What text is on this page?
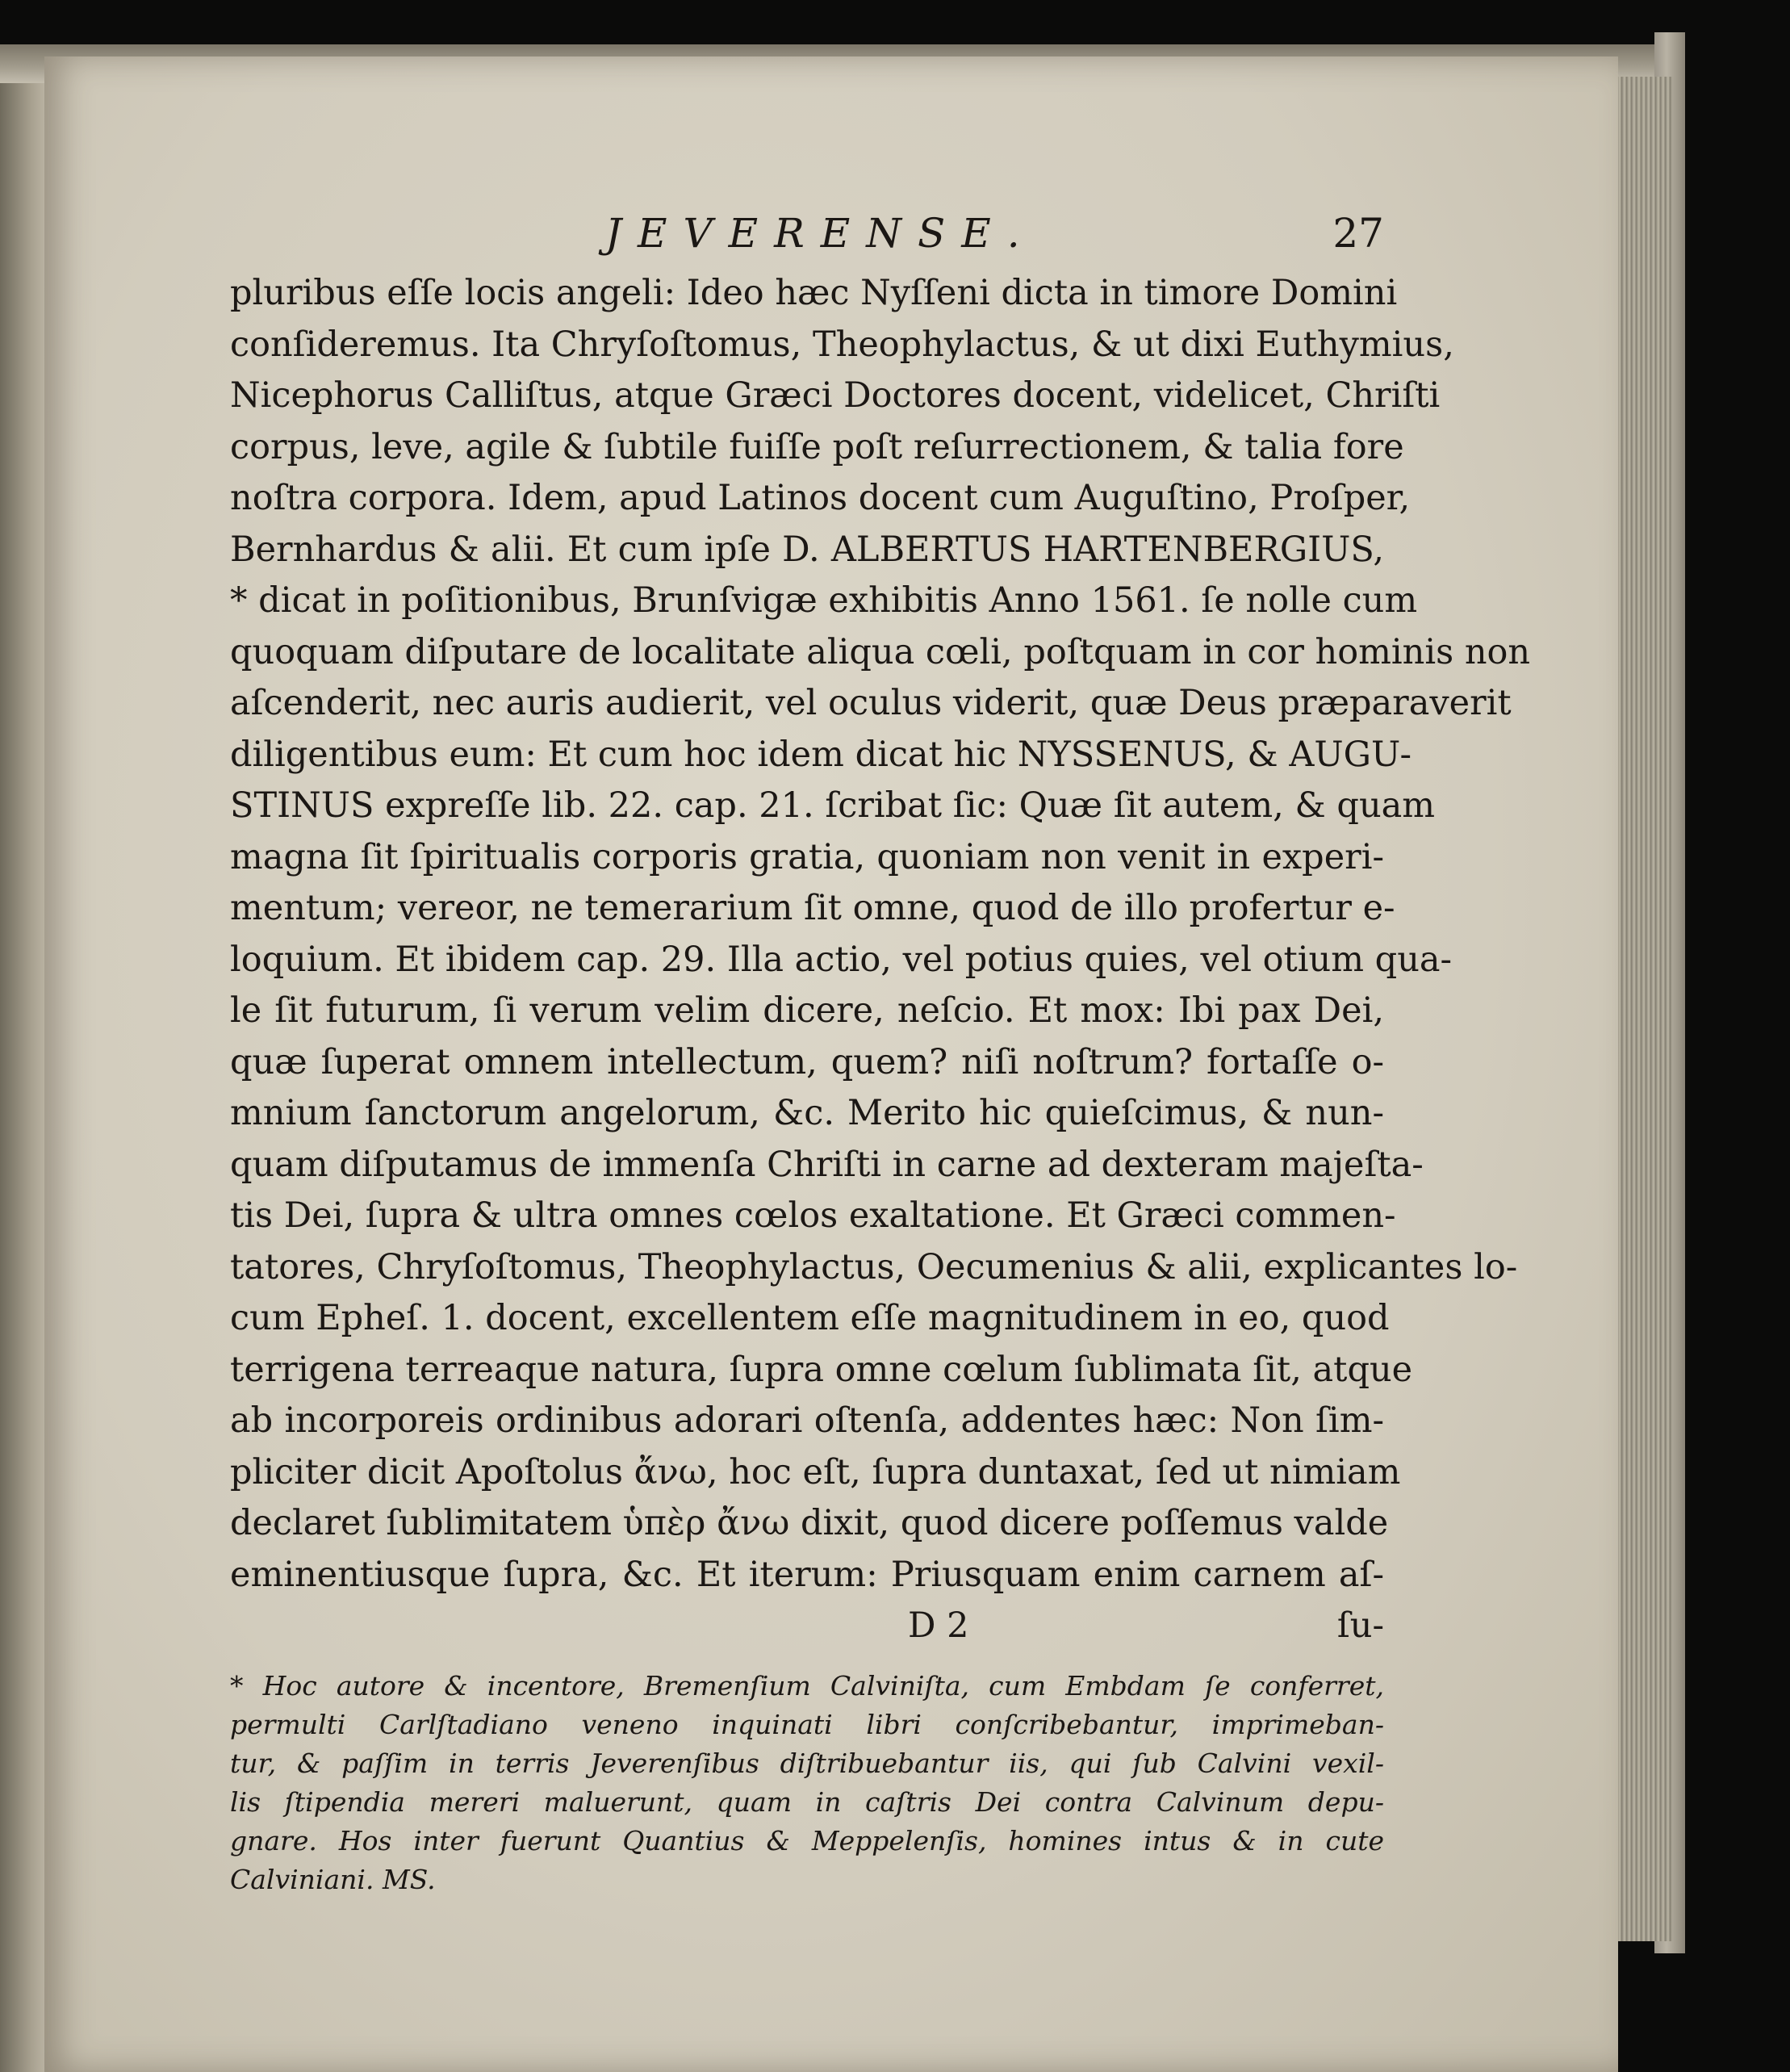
JEVERENSE.	27
pluribus eſſe locis angeli: Ideo hæc Nyſſeni dicta in timore Domini
conſideremus. Ita Chryſoſtomus, Theophylactus, & ut dixi Euthymius,
Nicephorus Calliſtus, atque Græci Doctores docent, videlicet, Chriſti
corpus, leve, agile & ſubtile fuiſſe poſt reſurrectionem, & talia fore
noſtra corpora. Idem, apud Latinos docent cum Auguſtino, Proſper,
Bernhardus & alii. Et cum ipſe D. ALBERTUS HARTENBERGIUS,
* dicat in poſitionibus, Brunſvigæ exhibitis Anno 1561. ſe nolle cum
quoquam diſputare de localitate aliqua cœli, poſtquam in cor hominis non
aſcenderit, nec auris audierit, vel oculus viderit, quæ Deus præparaverit
diligentibus eum: Et cum hoc idem dicat hic NYSSENUS, & AUGU-
STINUS expreſſe lib. 22. cap. 21. ſcribat ſic: Quæ ſit autem, & quam
magna ſit ſpiritualis corporis gratia, quoniam non venit in experi-
mentum; vereor, ne temerarium ſit omne, quod de illo profertur e-
loquium. Et ibidem cap. 29. Illa actio, vel potius quies, vel otium qua-
le ſit futurum, ſi verum velim dicere, neſcio. Et mox: Ibi pax Dei,
quæ ſuperat omnem intellectum, quem? niſi noſtrum? fortaſſe o-
mnium ſanctorum angelorum, &c. Merito hic quieſcimus, & nun-
quam diſputamus de immenſa Chriſti in carne ad dexteram majeſta-
tis Dei, ſupra & ultra omnes cœlos exaltatione. Et Græci commen-
tatores, Chryſoſtomus, Theophylactus, Oecumenius & alii, explicantes lo-
cum Epheſ. 1. docent, excellentem eſſe magnitudinem in eo, quod
terrigena terreaque natura, ſupra omne cœlum ſublimata ſit, atque
ab incorporeis ordinibus adorari oſtenſa, addentes hæc: Non ſim-
pliciter dicit Apoſtolus ἄνω, hoc eſt, ſupra duntaxat, ſed ut nimiam
declaret ſublimitatem ὑπὲρ ἄνω dixit, quod dicere poſſemus valde
eminentiusque ſupra, &c. Et iterum: Priusquam enim carnem aſ-
D 2	ſu-
* Hoc autore & incentore, Bremenſium Calviniſta, cum Embdam ſe conferret,
permulti Carlſtadiano veneno inquinati libri conſcribebantur, imprimeban-
tur, & paſſim in terris Jeverenſibus diſtribuebantur iis, qui ſub Calvini vexil-
lis ſtipendia mereri maluerunt, quam in caſtris Dei contra Calvinum depu-
gnare. Hos inter fuerunt Quantius & Meppelenſis, homines intus & in cute
Calviniani. MS.
